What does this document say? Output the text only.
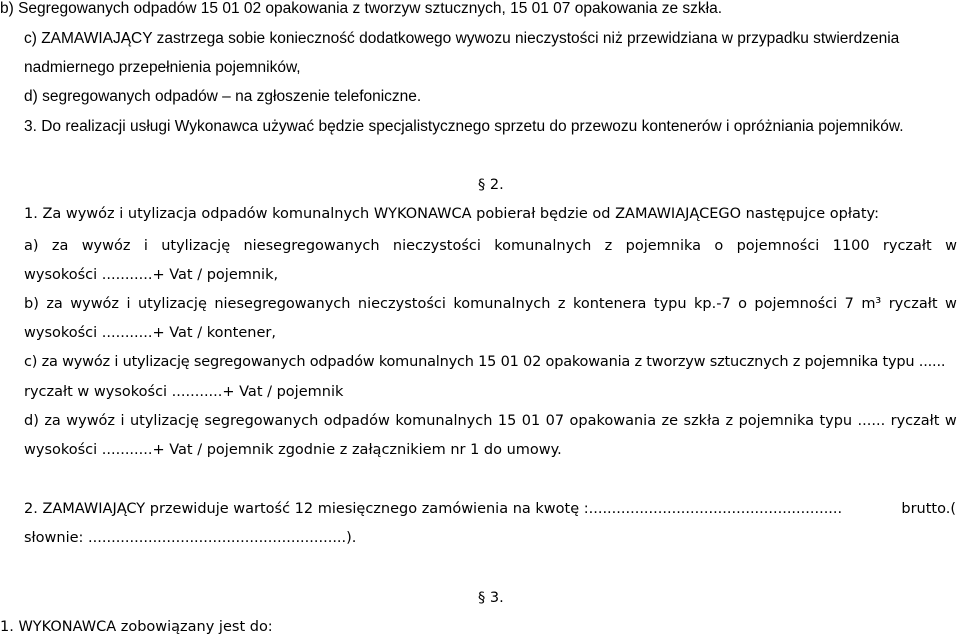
b) Segregowanych odpadów 15 01 02 opakowania z tworzyw sztucznych, 15 01 07 opakowania ze szkła.
c) ZAMAWIAJĄCY zastrzega sobie konieczność dodatkowego wywozu nieczystości niż przewidziana w przypadku stwierdzenia
nadmiernego przepełnienia pojemników,
d) segregowanych odpadów – na zgłoszenie telefoniczne.
3. Do realizacji usługi Wykonawca używać będzie specjalistycznego sprzetu do przewozu kontenerów i opróżniania pojemników.
§ 2.
1. Za wywóz i utylizacja odpadów komunalnych WYKONAWCA pobierał będzie od ZAMAWIAJĄCEGO następujce opłaty:
a) za wywóz i utylizację niesegregowanych nieczystości komunalnych z pojemnika o pojemności 1100 ryczałt w
wysokości ...........+ Vat / pojemnik,
b) za wywóz i utylizację niesegregowanych nieczystości komunalnych z kontenera typu kp.-7 o pojemności 7 m³ ryczałt w
wysokości ...........+ Vat / kontener,
c) za wywóz i utylizację segregowanych odpadów komunalnych 15 01 02 opakowania z tworzyw sztucznych z pojemnika typu ......
ryczałt w wysokości ...........+ Vat / pojemnik
d) za wywóz i utylizację segregowanych odpadów komunalnych 15 01 07 opakowania ze szkła z pojemnika typu ...... ryczałt w
wysokości ...........+ Vat / pojemnik zgodnie z załącznikiem nr 1 do umowy.
2. ZAMAWIAJĄCY przewiduje wartość 12 miesięcznego zamówienia na kwotę :.......................................................	brutto.(
słownie: ........................................................).
§ 3.
1. WYKONAWCA zobowiązany jest do:
